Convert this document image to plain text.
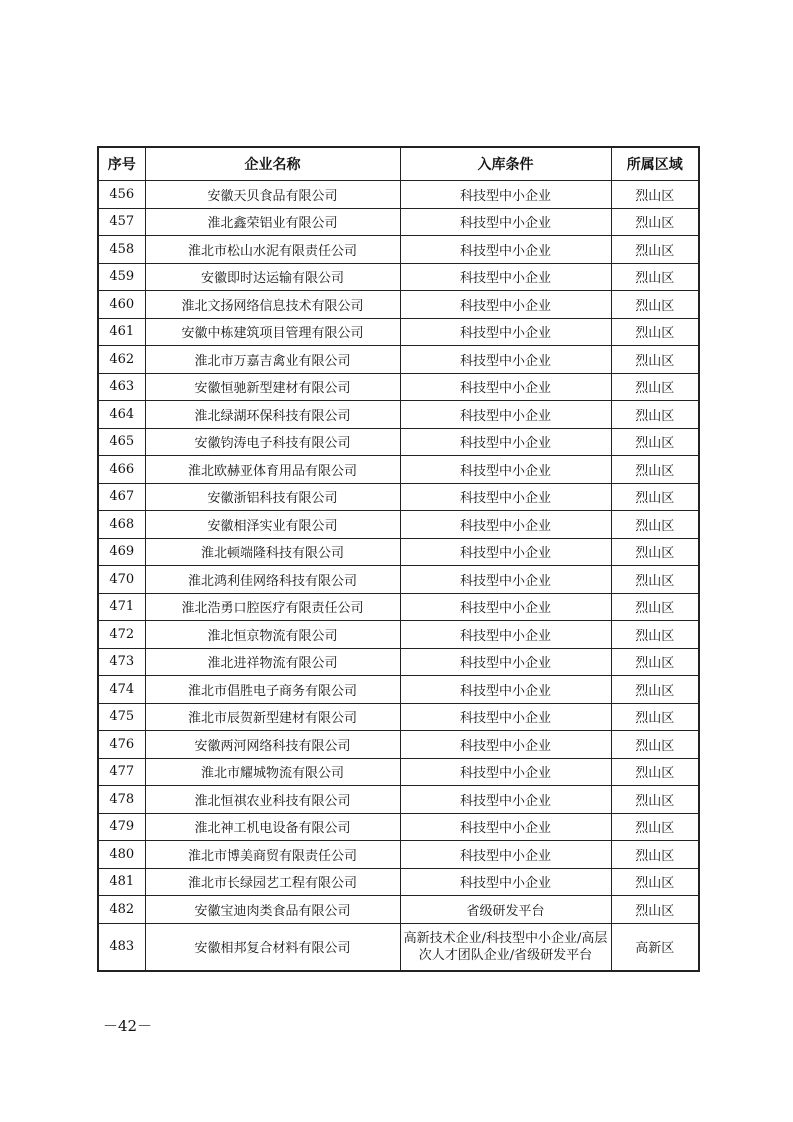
序号	企业名称	入库条件	所属区域
456	安徽天贝食品有限公司	科技型中小企业	烈山区
457	淮北鑫荣铝业有限公司	科技型中小企业	烈山区
458	淮北市松山水泥有限责任公司	科技型中小企业	烈山区
459	安徽即时达运输有限公司	科技型中小企业	烈山区
460	淮北文扬网络信息技术有限公司	科技型中小企业	烈山区
461	安徽中栋建筑项目管理有限公司	科技型中小企业	烈山区
462	淮北市万嘉吉禽业有限公司	科技型中小企业	烈山区
463	安徽恒驰新型建材有限公司	科技型中小企业	烈山区
464	淮北绿湖环保科技有限公司	科技型中小企业	烈山区
465	安徽钧涛电子科技有限公司	科技型中小企业	烈山区
466	淮北欧赫亚体育用品有限公司	科技型中小企业	烈山区
467	安徽浙铝科技有限公司	科技型中小企业	烈山区
468	安徽相泽实业有限公司	科技型中小企业	烈山区
469	淮北顿端隆科技有限公司	科技型中小企业	烈山区
470	淮北鸿利佳网络科技有限公司	科技型中小企业	烈山区
471	淮北浩勇口腔医疗有限责任公司	科技型中小企业	烈山区
472	淮北恒京物流有限公司	科技型中小企业	烈山区
473	淮北进祥物流有限公司	科技型中小企业	烈山区
474	淮北市倡胜电子商务有限公司	科技型中小企业	烈山区
475	淮北市辰贺新型建材有限公司	科技型中小企业	烈山区
476	安徽两河网络科技有限公司	科技型中小企业	烈山区
477	淮北市耀城物流有限公司	科技型中小企业	烈山区
478	淮北恒祺农业科技有限公司	科技型中小企业	烈山区
479	淮北神工机电设备有限公司	科技型中小企业	烈山区
480	淮北市博美商贸有限责任公司	科技型中小企业	烈山区
481	淮北市长绿园艺工程有限公司	科技型中小企业	烈山区
482	安徽宝迪肉类食品有限公司	省级研发平台	烈山区
483	安徽相邦复合材料有限公司	高新技术企业/科技型中小企业/高层次人才团队企业/省级研发平台	高新区
－42－
